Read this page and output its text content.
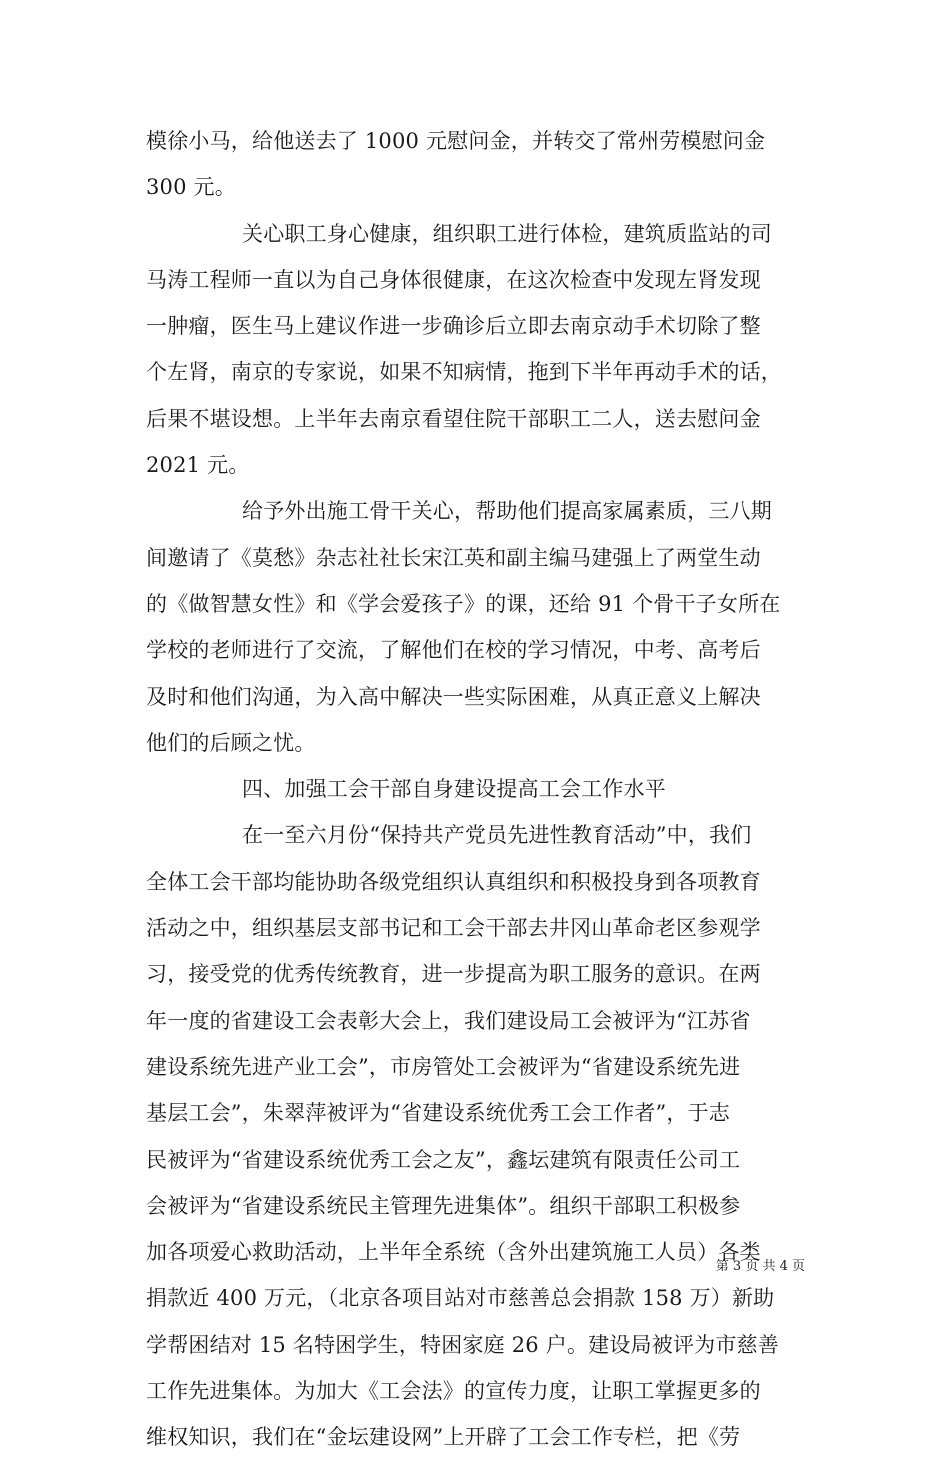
模徐小马，给他送去了 1000 元慰问金，并转交了常州劳模慰问金
300 元。
关心职工身心健康，组织职工进行体检，建筑质监站的司
马涛工程师一直以为自己身体很健康，在这次检查中发现左肾发现
一肿瘤，医生马上建议作进一步确诊后立即去南京动手术切除了整
个左肾，南京的专家说，如果不知病情，拖到下半年再动手术的话，
后果不堪设想。上半年去南京看望住院干部职工二人，送去慰问金
2021 元。
给予外出施工骨干关心，帮助他们提高家属素质，三八期
间邀请了《莫愁》杂志社社长宋江英和副主编马建强上了两堂生动
的《做智慧女性》和《学会爱孩子》的课，还给 91 个骨干子女所在
学校的老师进行了交流，了解他们在校的学习情况，中考、高考后
及时和他们沟通，为入高中解决一些实际困难，从真正意义上解决
他们的后顾之忧。
四、加强工会干部自身建设提高工会工作水平
在一至六月份“保持共产党员先进性教育活动”中，我们
全体工会干部均能协助各级党组织认真组织和积极投身到各项教育
活动之中，组织基层支部书记和工会干部去井冈山革命老区参观学
习，接受党的优秀传统教育，进一步提高为职工服务的意识。在两
年一度的省建设工会表彰大会上，我们建设局工会被评为“江苏省
建设系统先进产业工会”，市房管处工会被评为“省建设系统先进
基层工会”，朱翠萍被评为“省建设系统优秀工会工作者”，于志
民被评为“省建设系统优秀工会之友”，鑫坛建筑有限责任公司工
会被评为“省建设系统民主管理先进集体”。组织干部职工积极参
加各项爱心救助活动，上半年全系统（含外出建筑施工人员）各类
捐款近 400 万元，（北京各项目站对市慈善总会捐款 158 万）新助
学帮困结对 15 名特困学生，特困家庭 26 户。建设局被评为市慈善
工作先进集体。为加大《工会法》的宣传力度，让职工掌握更多的
维权知识，我们在“金坛建设网”上开辟了工会工作专栏，把《劳
第 3 页 共 4 页
